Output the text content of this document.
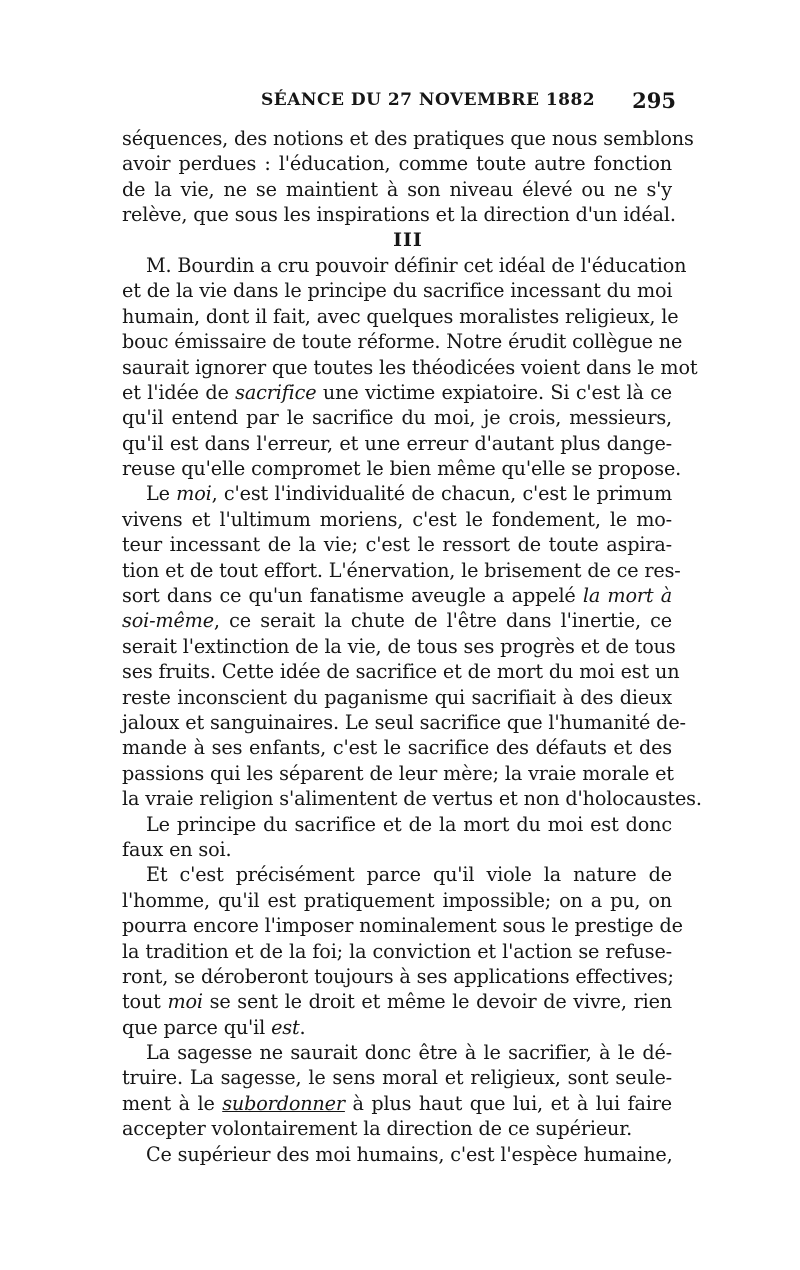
SÉANCE DU 27 NOVEMBRE 1882 295
séquences, des notions et des pratiques que nous semblons
avoir perdues : l'éducation, comme toute autre fonction
de la vie, ne se maintient à son niveau élevé ou ne s'y
relève, que sous les inspirations et la direction d'un idéal.
III
M. Bourdin a cru pouvoir définir cet idéal de l'éducation
et de la vie dans le principe du sacrifice incessant du moi
humain, dont il fait, avec quelques moralistes religieux, le
bouc émissaire de toute réforme. Notre érudit collègue ne
saurait ignorer que toutes les théodicées voient dans le mot
et l'idée de sacrifice une victime expiatoire. Si c'est là ce
qu'il entend par le sacrifice du moi, je crois, messieurs,
qu'il est dans l'erreur, et une erreur d'autant plus dange-
reuse qu'elle compromet le bien même qu'elle se propose.
Le moi, c'est l'individualité de chacun, c'est le primum
vivens et l'ultimum moriens, c'est le fondement, le mo-
teur incessant de la vie; c'est le ressort de toute aspira-
tion et de tout effort. L'énervation, le brisement de ce res-
sort dans ce qu'un fanatisme aveugle a appelé la mort à
soi-même, ce serait la chute de l'être dans l'inertie, ce
serait l'extinction de la vie, de tous ses progrès et de tous
ses fruits. Cette idée de sacrifice et de mort du moi est un
reste inconscient du paganisme qui sacrifiait à des dieux
jaloux et sanguinaires. Le seul sacrifice que l'humanité de-
mande à ses enfants, c'est le sacrifice des défauts et des
passions qui les séparent de leur mère; la vraie morale et
la vraie religion s'alimentent de vertus et non d'holocaustes.
Le principe du sacrifice et de la mort du moi est donc
faux en soi.
Et c'est précisément parce qu'il viole la nature de
l'homme, qu'il est pratiquement impossible; on a pu, on
pourra encore l'imposer nominalement sous le prestige de
la tradition et de la foi; la conviction et l'action se refuse-
ront, se déroberont toujours à ses applications effectives;
tout moi se sent le droit et même le devoir de vivre, rien
que parce qu'il est.
La sagesse ne saurait donc être à le sacrifier, à le dé-
truire. La sagesse, le sens moral et religieux, sont seule-
ment à le subordonner à plus haut que lui, et à lui faire
accepter volontairement la direction de ce supérieur.
Ce supérieur des moi humains, c'est l'espèce humaine,
